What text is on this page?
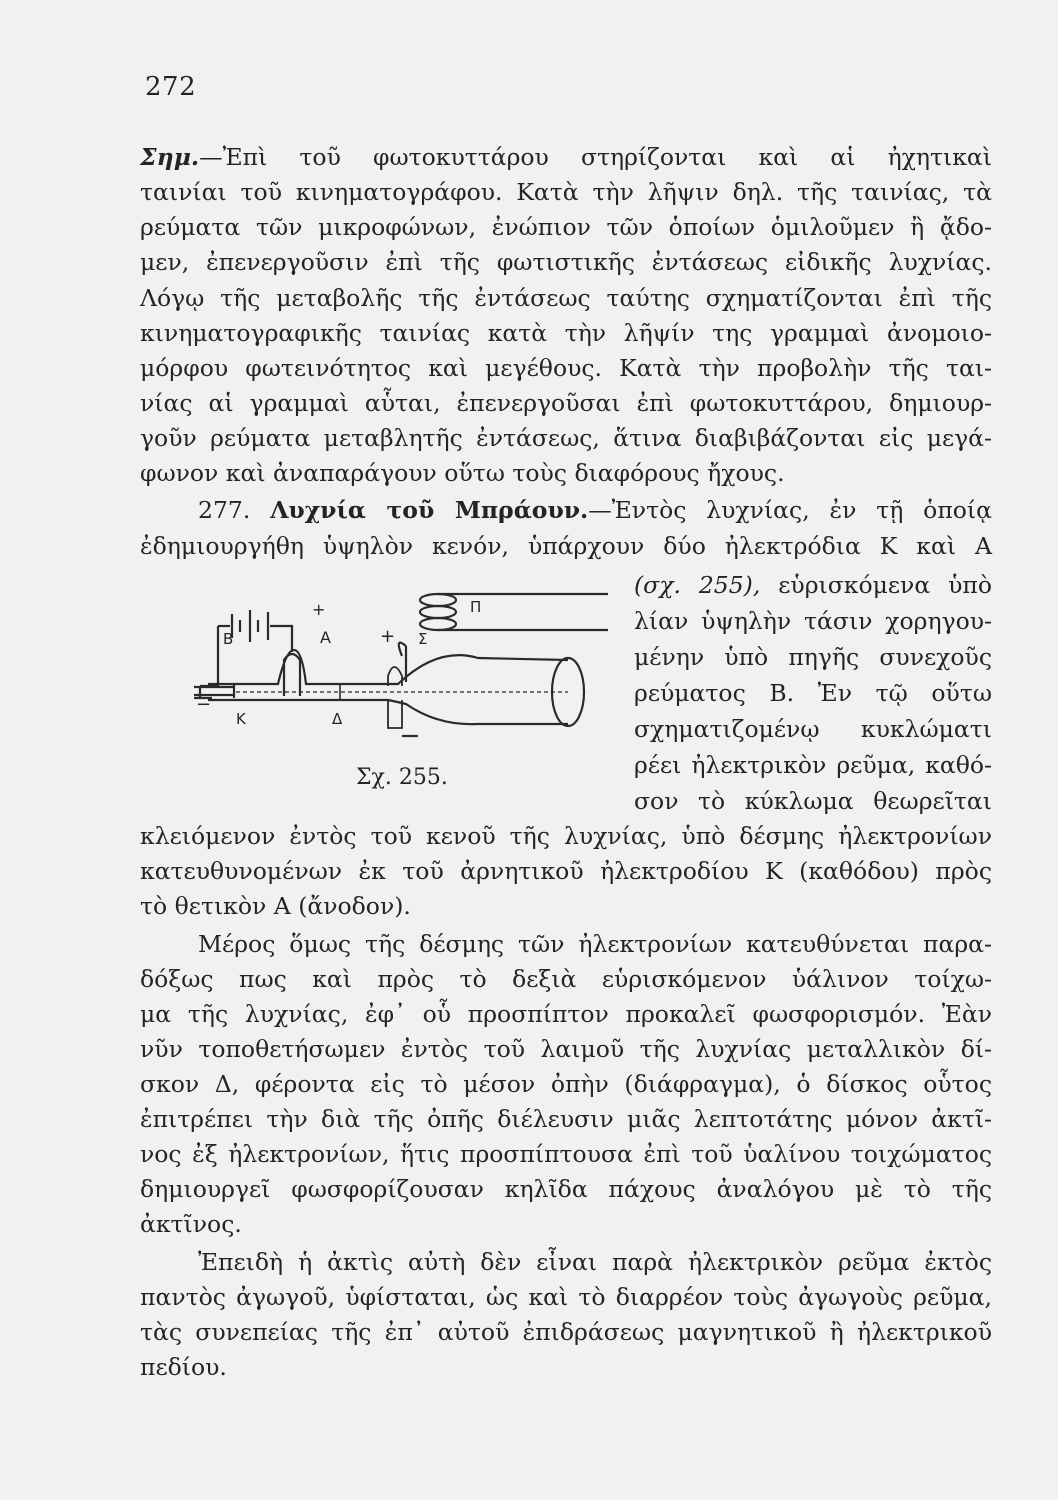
272
Σημ.—Ἐπὶ τοῦ φωτοκυττάρου στηρίζονται καὶ αἱ ἠχητικαὶ
ταινίαι τοῦ κινηματογράφου. Κατὰ τὴν λῆψιν δηλ. τῆς ταινίας, τὰ
ρεύματα τῶν μικροφώνων, ἐνώπιον τῶν ὁποίων ὁμιλοῦμεν ἢ ᾄδο-
μεν, ἐπενεργοῦσιν ἐπὶ τῆς φωτιστικῆς ἐντάσεως εἰδικῆς λυχνίας.
Λόγῳ τῆς μεταβολῆς τῆς ἐντάσεως ταύτης σχηματίζονται ἐπὶ τῆς
κινηματογραφικῆς ταινίας κατὰ τὴν λῆψίν της γραμμαὶ ἀνομοιο-
μόρφου φωτεινότητος καὶ μεγέθους. Κατὰ τὴν προβολὴν τῆς ται-
νίας αἱ γραμμαὶ αὗται, ἐπενεργοῦσαι ἐπὶ φωτοκυττάρου, δημιουρ-
γοῦν ρεύματα μεταβλητῆς ἐντάσεως, ἅτινα διαβιβάζονται εἰς μεγά-
φωνον καὶ ἀναπαράγουν οὕτω τοὺς διαφόρους ἤχους.
277. Λυχνία τοῦ Μπράουν.—Ἐντὸς λυχνίας, ἐν τῇ ὁποίᾳ
ἐδημιουργήθη ὑψηλὸν κενόν, ὑπάρχουν δύο ἠλεκτρόδια Κ καὶ Α
(σχ. 255), εὑρισκόμενα ὑπὸ
λίαν ὑψηλὴν τάσιν χορηγου-
μένην ὑπὸ πηγῆς συνεχοῦς
ρεύματος Β. Ἐν τῷ οὕτω
σχηματιζομένῳ κυκλώματι
ρέει ἠλεκτρικὸν ρεῦμα, καθό-
σον τὸ κύκλωμα θεωρεῖται
κλειόμενον ἐντὸς τοῦ κενοῦ τῆς λυχνίας, ὑπὸ δέσμης ἠλεκτρονίων
κατευθυνομένων ἐκ τοῦ ἀρνητικοῦ ἠλεκτροδίου Κ (καθόδου) πρὸς
τὸ θετικὸν Α (ἄνοδον).
Μέρος ὅμως τῆς δέσμης τῶν ἠλεκτρονίων κατευθύνεται παρα-
δόξως πως καὶ πρὸς τὸ δεξιὰ εὑρισκόμενον ὑάλινον τοίχω-
μα τῆς λυχνίας, ἐφ᾽ οὗ προσπίπτον προκαλεῖ φωσφορισμόν. Ἐὰν
νῦν τοποθετήσωμεν ἐντὸς τοῦ λαιμοῦ τῆς λυχνίας μεταλλικὸν δί-
σκον Δ, φέροντα εἰς τὸ μέσον ὀπὴν (διάφραγμα), ὁ δίσκος οὗτος
ἐπιτρέπει τὴν διὰ τῆς ὀπῆς διέλευσιν μιᾶς λεπτοτάτης μόνον ἀκτῖ-
νος ἐξ ἠλεκτρονίων, ἥτις προσπίπτουσα ἐπὶ τοῦ ὑαλίνου τοιχώματος
δημιουργεῖ φωσφορίζουσαν κηλῖδα πάχους ἀναλόγου μὲ τὸ τῆς
ἀκτῖνος.
Ἐπειδὴ ἡ ἀκτὶς αὐτὴ δὲν εἶναι παρὰ ἠλεκτρικὸν ρεῦμα ἐκτὸς
παντὸς ἀγωγοῦ, ὑφίσταται, ὡς καὶ τὸ διαρρέον τοὺς ἀγωγοὺς ρεῦμα,
τὰς συνεπείας τῆς ἐπ᾽ αὐτοῦ ἐπιδράσεως μαγνητικοῦ ἢ ἠλεκτρικοῦ
πεδίου.
B	A
K	Δ
Π
Σ
+
+
−
Σχ. 255.
